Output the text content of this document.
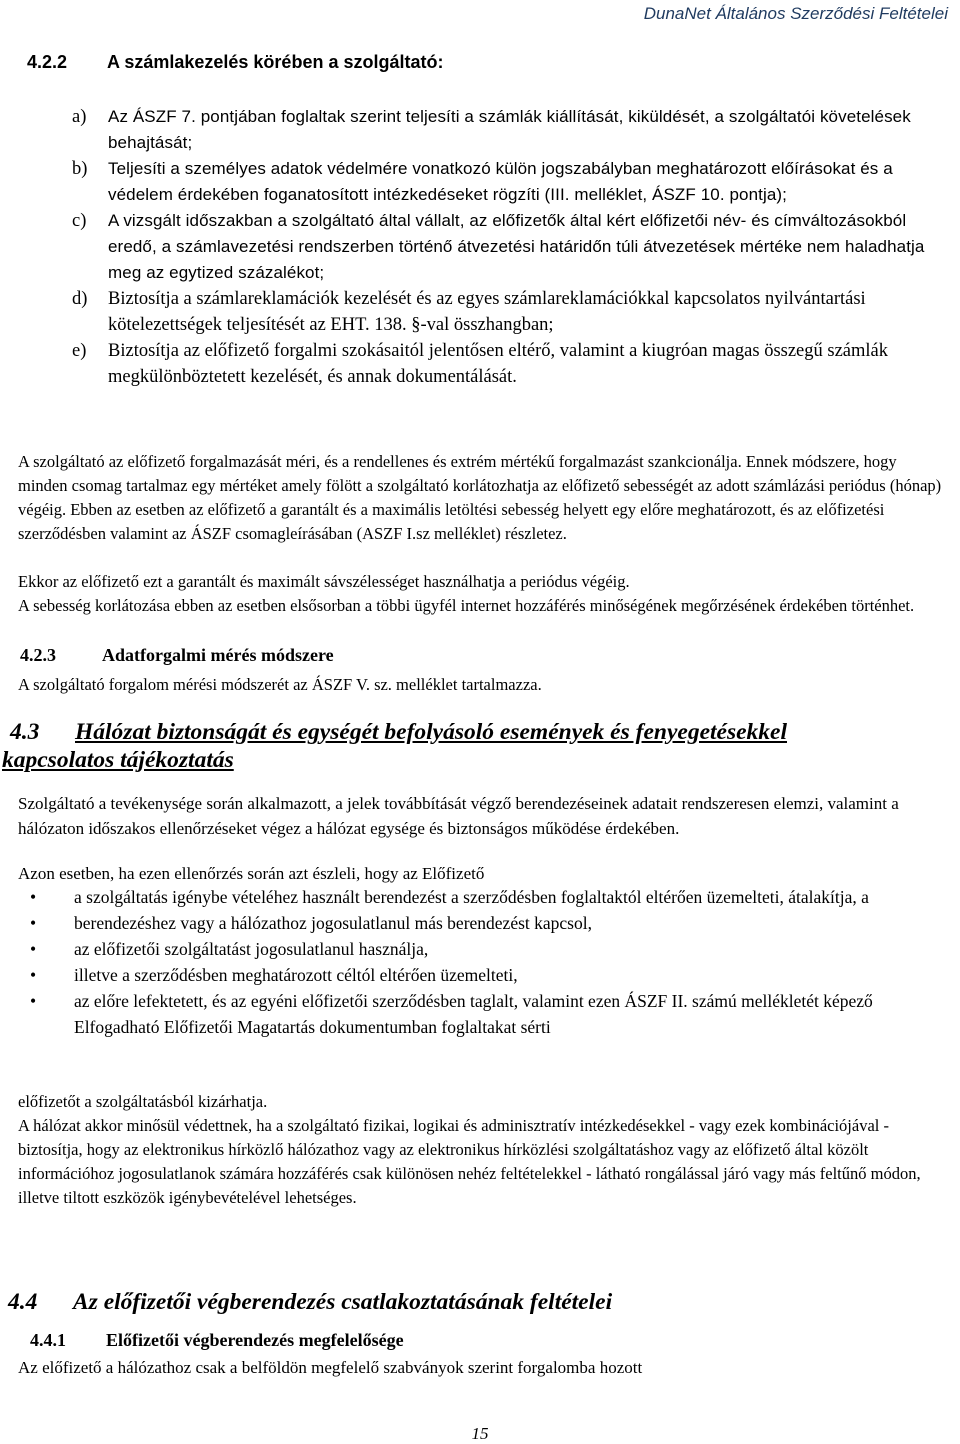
DunaNet Általános Szerződési Feltételei
4.2.2 A számlakezelés körében a szolgáltató:
a)	Az ÁSZF 7. pontjában foglaltak szerint teljesíti a számlák kiállítását, kiküldését, a szolgáltatói követelések behajtását;
b)	Teljesíti a személyes adatok védelmére vonatkozó külön jogszabályban meghatározott előírásokat és a védelem érdekében foganatosított intézkedéseket rögzíti (III. melléklet, ÁSZF 10. pontja);
c)	A vizsgált időszakban a szolgáltató által vállalt, az előfizetők által kért előfizetői név- és címváltozásokból eredő, a számlavezetési rendszerben történő átvezetési határidőn túli átvezetések mértéke nem haladhatja meg az egytized százalékot;
d)	Biztosítja a számlareklamációk kezelését és az egyes számlareklamációkkal kapcsolatos nyilvántartási kötelezettségek teljesítését az EHT. 138. §-val összhangban;
e)	Biztosítja az előfizető forgalmi szokásaitól jelentősen eltérő, valamint a kiugróan magas összegű számlák megkülönböztetett kezelését, és annak dokumentálását.
A szolgáltató az előfizető forgalmazását méri, és a rendellenes és extrém mértékű forgalmazást szankcionálja. Ennek módszere, hogy minden csomag tartalmaz egy mértéket amely fölött a szolgáltató korlátozhatja az előfizető sebességét az adott számlázási periódus (hónap) végéig. Ebben az esetben az előfizető a garantált és a maximális letöltési sebesség helyett egy előre meghatározott, és az előfizetési szerződésben valamint az ÁSZF csomagleírásában (ASZF I.sz melléklet) részletez.
Ekkor az előfizető ezt a garantált és maximált sávszélességet használhatja a periódus végéig.
A sebesség korlátozása ebben az esetben elsősorban a többi ügyfél internet hozzáférés minőségének megőrzésének érdekében történhet.
4.2.3	Adatforgalmi mérés módszere
A szolgáltató forgalom mérési módszerét az ÁSZF V. sz. melléklet tartalmazza.
4.3 Hálózat biztonságát és egységét befolyásoló események és fenyegetésekkel
kapcsolatos tájékoztatás
Szolgáltató a tevékenysége során alkalmazott, a jelek továbbítását végző berendezéseinek adatait rendszeresen elemzi, valamint a hálózaton időszakos ellenőrzéseket végez a hálózat egysége és biztonságos működése érdekében.
Azon esetben, ha ezen ellenőrzés során azt észleli, hogy az Előfizető
•	a szolgáltatás igénybe vételéhez használt berendezést a szerződésben foglaltaktól eltérően üzemelteti, átalakítja, a
•	berendezéshez vagy a hálózathoz jogosulatlanul más berendezést kapcsol,
•	az előfizetői szolgáltatást jogosulatlanul használja,
•	illetve a szerződésben meghatározott céltól eltérően üzemelteti,
•	az előre lefektetett, és az egyéni előfizetői szerződésben taglalt, valamint ezen ÁSZF II. számú mellékletét képező Elfogadható Előfizetői Magatartás dokumentumban foglaltakat sérti
előfizetőt a szolgáltatásból kizárhatja.
A hálózat akkor minősül védettnek, ha a szolgáltató fizikai, logikai és adminisztratív intézkedésekkel - vagy ezek kombinációjával - biztosítja, hogy az elektronikus hírközlő hálózathoz vagy az elektronikus hírközlési szolgáltatáshoz vagy az előfizető által közölt információhoz jogosulatlanok számára hozzáférés csak különösen nehéz feltételekkel - látható rongálással járó vagy más feltűnő módon, illetve tiltott eszközök igénybevételével lehetséges.
4.4 Az előfizetői végberendezés csatlakoztatásának feltételei
4.4.1 Előfizetői végberendezés megfelelősége
Az előfizető a hálózathoz csak a belföldön megfelelő szabványok szerint forgalomba hozott
15
